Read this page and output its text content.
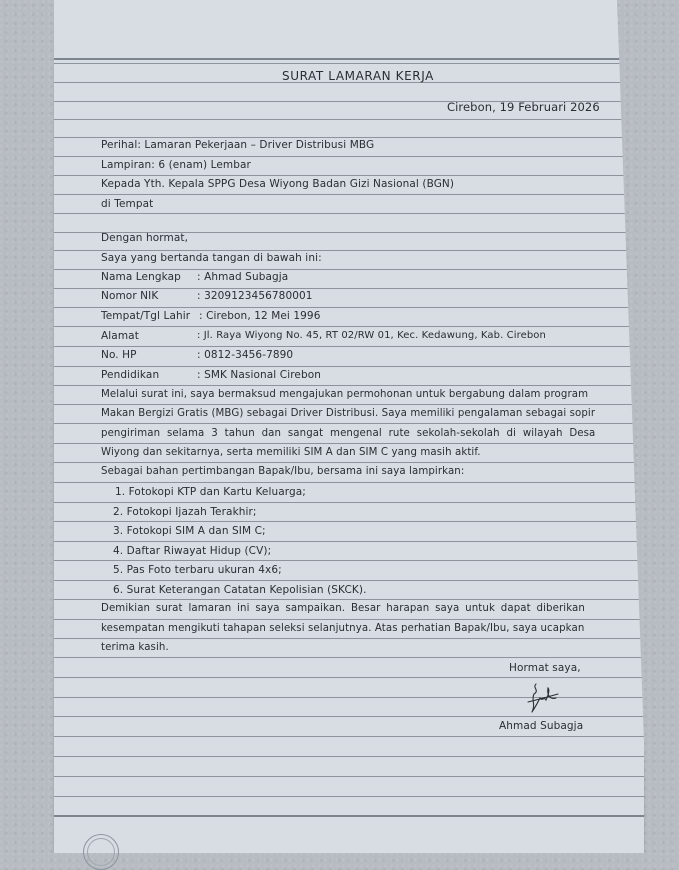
SURAT LAMARAN KERJA
Cirebon, 19 Februari 2026
Perihal: Lamaran Pekerjaan – Driver Distribusi MBG
Lampiran: 6 (enam) Lembar
Kepada Yth. Kepala SPPG Desa Wiyong Badan Gizi Nasional (BGN)
di Tempat
Dengan hormat,
Saya yang bertanda tangan di bawah ini:
Nama Lengkap : Ahmad Subagja
Nomor NIK	: 3209123456780001
Tempat/Tgl Lahir : Cirebon, 12 Mei 1996
Alamat	: Jl. Raya Wiyong No. 45, RT 02/RW 01, Kec. Kedawung, Kab. Cirebon
No. HP	: 0812-3456-7890
Pendidikan	: SMK Nasional Cirebon
Melalui surat ini, saya bermaksud mengajukan permohonan untuk bergabung dalam program
Makan Bergizi Gratis (MBG) sebagai Driver Distribusi. Saya memiliki pengalaman sebagai sopir
pengiriman selama 3 tahun dan sangat mengenal rute sekolah-sekolah di wilayah Desa
Wiyong dan sekitarnya, serta memiliki SIM A dan SIM C yang masih aktif.
Sebagai bahan pertimbangan Bapak/Ibu, bersama ini saya lampirkan:
1. Fotokopi KTP dan Kartu Keluarga;
2. Fotokopi Ijazah Terakhir;
3. Fotokopi SIM A dan SIM C;
4. Daftar Riwayat Hidup (CV);
5. Pas Foto terbaru ukuran 4x6;
6. Surat Keterangan Catatan Kepolisian (SKCK).
Demikian surat lamaran ini saya sampaikan. Besar harapan saya untuk dapat diberikan
kesempatan mengikuti tahapan seleksi selanjutnya. Atas perhatian Bapak/Ibu, saya ucapkan
terima kasih.
Hormat saya,
Ahmad Subagja
